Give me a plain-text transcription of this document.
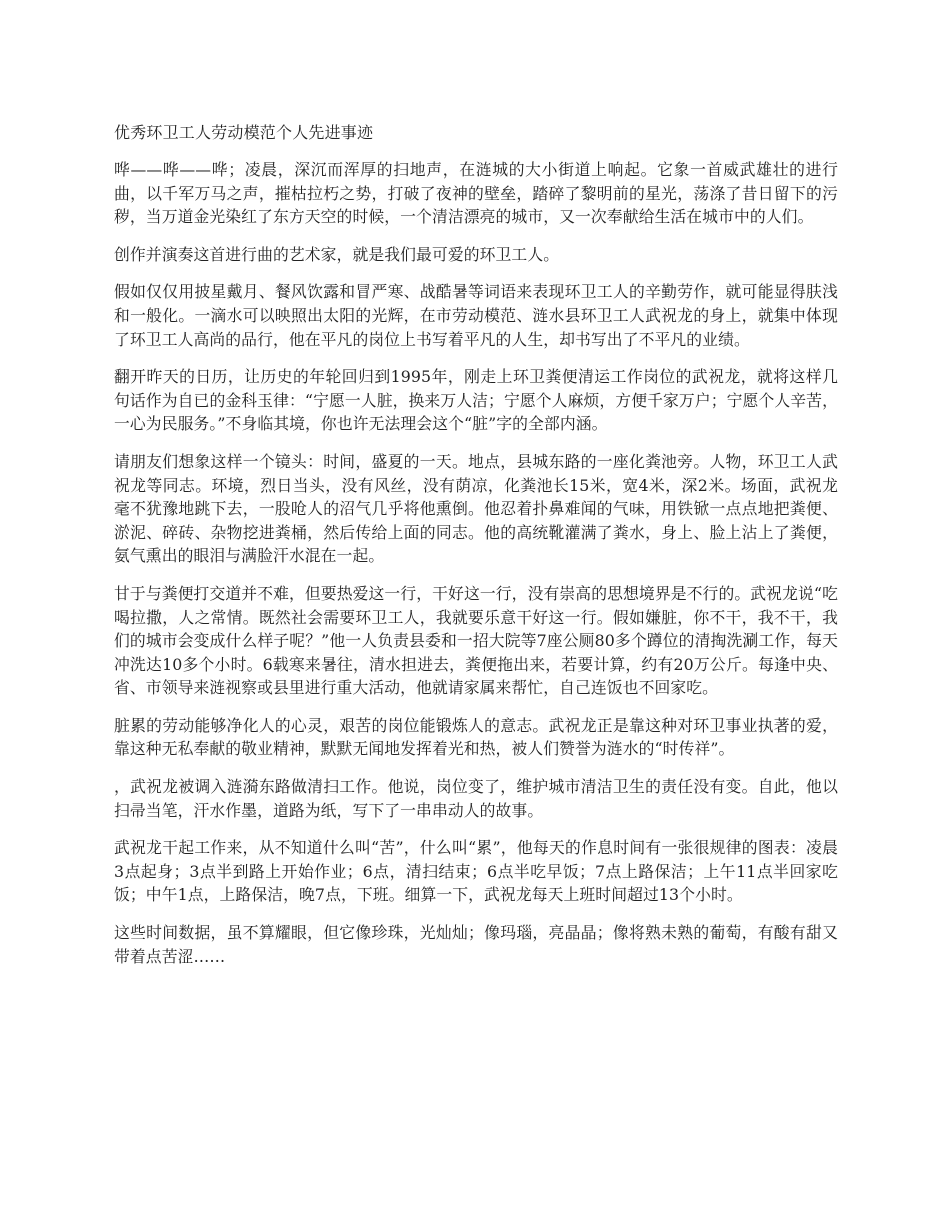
优秀环卫工人劳动模范个人先进事迹

哗——哗——哗；凌晨，深沉而浑厚的扫地声，在涟城的大小街道上响起。它象一首威武雄壮的进行曲，以千军万马之声，摧枯拉朽之势，打破了夜神的壁垒，踏碎了黎明前的星光，荡涤了昔日留下的污秽，当万道金光染红了东方天空的时候，一个清洁漂亮的城市，又一次奉献给生活在城市中的人们。

创作并演奏这首进行曲的艺术家，就是我们最可爱的环卫工人。

假如仅仅用披星戴月、餐风饮露和冒严寒、战酷暑等词语来表现环卫工人的辛勤劳作，就可能显得肤浅和一般化。一滴水可以映照出太阳的光辉，在市劳动模范、涟水县环卫工人武祝龙的身上，就集中体现了环卫工人高尚的品行，他在平凡的岗位上书写着平凡的人生，却书写出了不平凡的业绩。

翻开昨天的日历，让历史的年轮回归到1995年，刚走上环卫粪便清运工作岗位的武祝龙，就将这样几句话作为自已的金科玉律：“宁愿一人脏，换来万人洁；宁愿个人麻烦，方便千家万户；宁愿个人辛苦，一心为民服务。”不身临其境，你也许无法理会这个“脏”字的全部内涵。

请朋友们想象这样一个镜头：时间，盛夏的一天。地点，县城东路的一座化粪池旁。人物，环卫工人武祝龙等同志。环境，烈日当头，没有风丝，没有荫凉，化粪池长15米，宽4米，深2米。场面，武祝龙毫不犹豫地跳下去，一股呛人的沼气几乎将他熏倒。他忍着扑鼻难闻的气味，用铁锨一点点地把粪便、淤泥、碎砖、杂物挖进粪桶，然后传给上面的同志。他的高统靴灌满了粪水，身上、脸上沾上了粪便，氨气熏出的眼泪与满脸汗水混在一起。

甘于与粪便打交道并不难，但要热爱这一行，干好这一行，没有崇高的思想境界是不行的。武祝龙说“吃喝拉撒，人之常情。既然社会需要环卫工人，我就要乐意干好这一行。假如嫌脏，你不干，我不干，我们的城市会变成什么样子呢？”他一人负责县委和一招大院等7座公厕80多个蹲位的清掏洗涮工作，每天冲洗达10多个小时。6载寒来暑往，清水担进去，粪便拖出来，若要计算，约有20万公斤。每逢中央、省、市领导来涟视察或县里进行重大活动，他就请家属来帮忙，自己连饭也不回家吃。

脏累的劳动能够净化人的心灵，艰苦的岗位能锻炼人的意志。武祝龙正是靠这种对环卫事业执著的爱，靠这种无私奉献的敬业精神，默默无闻地发挥着光和热，被人们赞誉为涟水的“时传祥”。

，武祝龙被调入涟漪东路做清扫工作。他说，岗位变了，维护城市清洁卫生的责任没有变。自此，他以扫帚当笔，汗水作墨，道路为纸，写下了一串串动人的故事。

武祝龙干起工作来，从不知道什么叫“苦”，什么叫“累”，他每天的作息时间有一张很规律的图表：凌晨3点起身；3点半到路上开始作业；6点，清扫结束；6点半吃早饭；7点上路保洁；上午11点半回家吃饭；中午1点，上路保洁，晚7点，下班。细算一下，武祝龙每天上班时间超过13个小时。

这些时间数据，虽不算耀眼，但它像珍珠，光灿灿；像玛瑙，亮晶晶；像将熟未熟的葡萄，有酸有甜又带着点苦涩……
